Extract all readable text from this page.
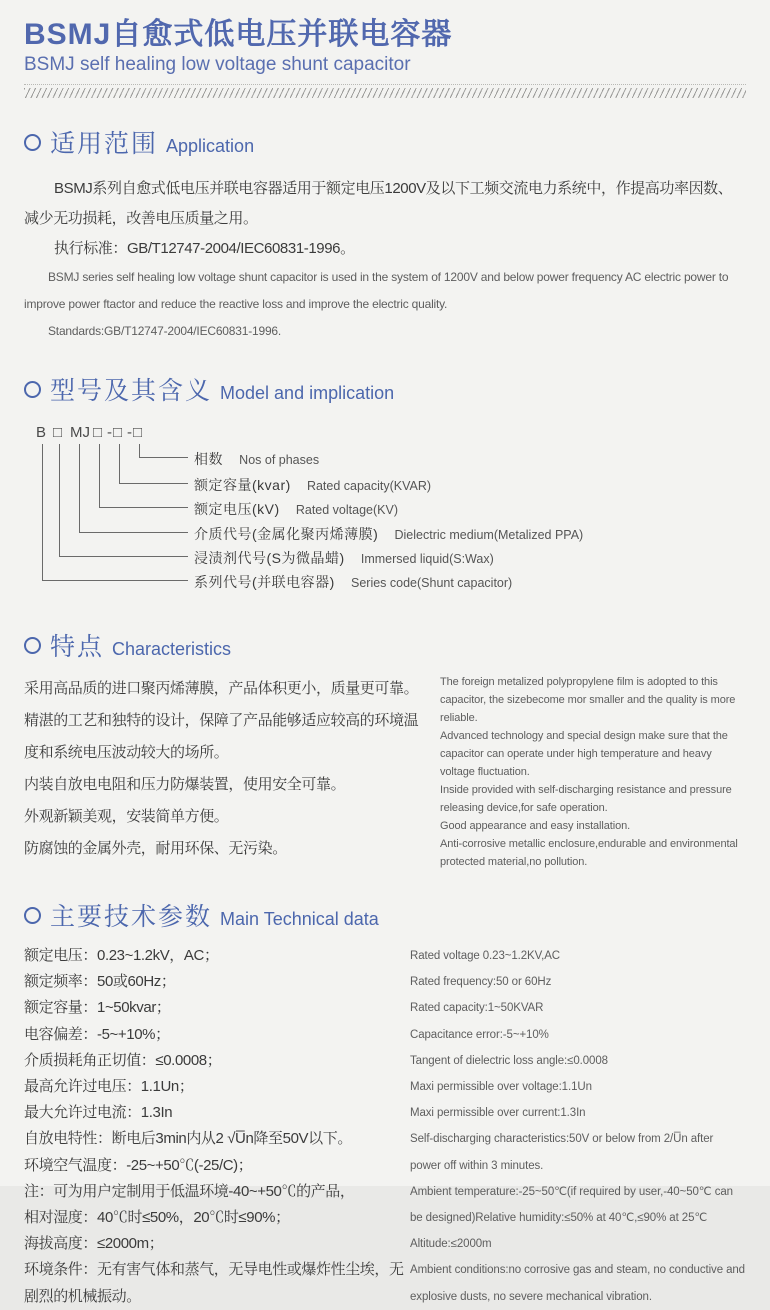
BSMJ自愈式低电压并联电容器
BSMJ self healing low voltage shunt capacitor
适用范围 Application

BSMJ系列自愈式低电压并联电容器适用于额定电压1200V及以下工频交流电力系统中，作提高功率因数、减少无功损耗，改善电压质量之用。

执行标准：GB/T12747-2004/IEC60831-1996。

BSMJ series self healing low voltage shunt capacitor is used in the system of 1200V and below power frequency AC electric power to improve power ftactor and reduce the reactive loss and improve the electric quality.

Standards:GB/T12747-2004/IEC60831-1996.

型号及其含义 Model and implication
B □ MJ □ - □ - □
相数 Nos of phases
额定容量(kvar) Rated capacity(KVAR)
额定电压(kV) Rated voltage(KV)
介质代号(金属化聚丙烯薄膜) Dielectric medium(Metalized PPA)
浸渍剂代号(S为微晶蜡) Immersed liquid(S:Wax)
系列代号(并联电容器) Series code(Shunt capacitor)
特点 Characteristics

采用高品质的进口聚丙烯薄膜，产品体积更小，质量更可靠。

精湛的工艺和独特的设计，保障了产品能够适应较高的环境温度和系统电压波动较大的场所。

内装自放电电阻和压力防爆装置，使用安全可靠。

外观新颖美观，安装简单方便。

防腐蚀的金属外壳，耐用环保、无污染。

The foreign metalized polypropylene film is adopted to this capacitor, the sizebecome mor smaller and the quality is more reliable.

Advanced technology and special design make sure that the capacitor can operate under high temperature and heavy voltage fluctuation.

Inside provided with self-discharging resistance and pressure releasing device,for safe operation.

Good appearance and easy installation.

Anti-corrosive metallic enclosure,endurable and environmental protected material,no pollution.

主要技术参数 Main Technical data

额定电压：0.23~1.2kV，AC；

额定频率：50或60Hz；

额定容量：1~50kvar；

电容偏差：-5~+10%；

介质损耗角正切值：≤0.0008；

最高允许过电压：1.1Un；

最大允许过电流：1.3In

自放电特性：断电后3min内从2 √U̅n降至50V以下。

环境空气温度：-25~+50℃(-25/C)；

注：可为用户定制用于低温环境-40~+50℃的产品，

相对湿度：40℃时≤50%，20℃时≤90%；

海拔高度：≤2000m；

环境条件：无有害气体和蒸气，无导电性或爆炸性尘埃，无剧烈的机械振动。

Rated voltage 0.23~1.2KV,AC

Rated frequency:50 or 60Hz

Rated capacity:1~50KVAR

Capacitance error:-5~+10%

Tangent of dielectric loss angle:≤0.0008

Maxi permissible over voltage:1.1Un

Maxi permissible over current:1.3In

Self-discharging characteristics:50V or below from 2/U̅n after power off within 3 minutes.

Ambient temperature:-25~50℃(if required by user,-40~50℃ can be designed)Relative humidity:≤50% at 40℃,≤90% at 25℃

Altitude:≤2000m

Ambient conditions:no corrosive gas and steam, no conductive and explosive dusts, no severe mechanical vibration.
